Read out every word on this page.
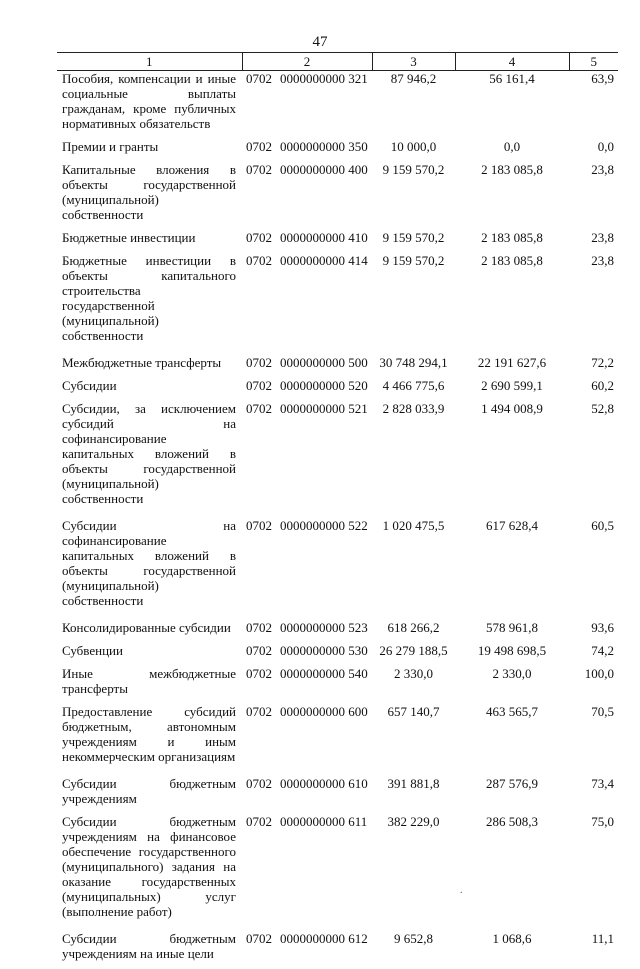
47
1	2	3	4	5
Пособия, компенсации и иные социальные выплаты гражданам, кроме публичных нормативных обязательств	0702 0000000000 321	87 946,2	56 161,4	63,9
Премии и гранты	0702 0000000000 350	10 000,0	0,0	0,0
Капитальные вложения в объекты государственной (муниципальной) собственности	0702 0000000000 400	9 159 570,2	2 183 085,8	23,8
Бюджетные инвестиции	0702 0000000000 410	9 159 570,2	2 183 085,8	23,8
Бюджетные инвестиции в объекты капитального строительства государственной (муниципальной) собственности	0702 0000000000 414	9 159 570,2	2 183 085,8	23,8
Межбюджетные трансферты	0702 0000000000 500	30 748 294,1	22 191 627,6	72,2
Субсидии	0702 0000000000 520	4 466 775,6	2 690 599,1	60,2
Субсидии, за исключением субсидий на софинансирование капитальных вложений в объекты государственной (муниципальной) собственности	0702 0000000000 521	2 828 033,9	1 494 008,9	52,8
Субсидии на софинансирование капитальных вложений в объекты государственной (муниципальной) собственности	0702 0000000000 522	1 020 475,5	617 628,4	60,5
Консолидированные субсидии	0702 0000000000 523	618 266,2	578 961,8	93,6
Субвенции	0702 0000000000 530	26 279 188,5	19 498 698,5	74,2
Иные межбюджетные трансферты	0702 0000000000 540	2 330,0	2 330,0	100,0
Предоставление субсидий бюджетным, автономным учреждениям и иным некоммерческим организациям	0702 0000000000 600	657 140,7	463 565,7	70,5
Субсидии бюджетным учреждениям	0702 0000000000 610	391 881,8	287 576,9	73,4
Субсидии бюджетным учреждениям на финансовое обеспечение государственного (муниципального) задания на оказание государственных (муниципальных) услуг (выполнение работ)	0702 0000000000 611	382 229,0	286 508,3	75,0
Субсидии бюджетным учреждениям на иные цели	0702 0000000000 612	9 652,8	1 068,6	11,1
.
